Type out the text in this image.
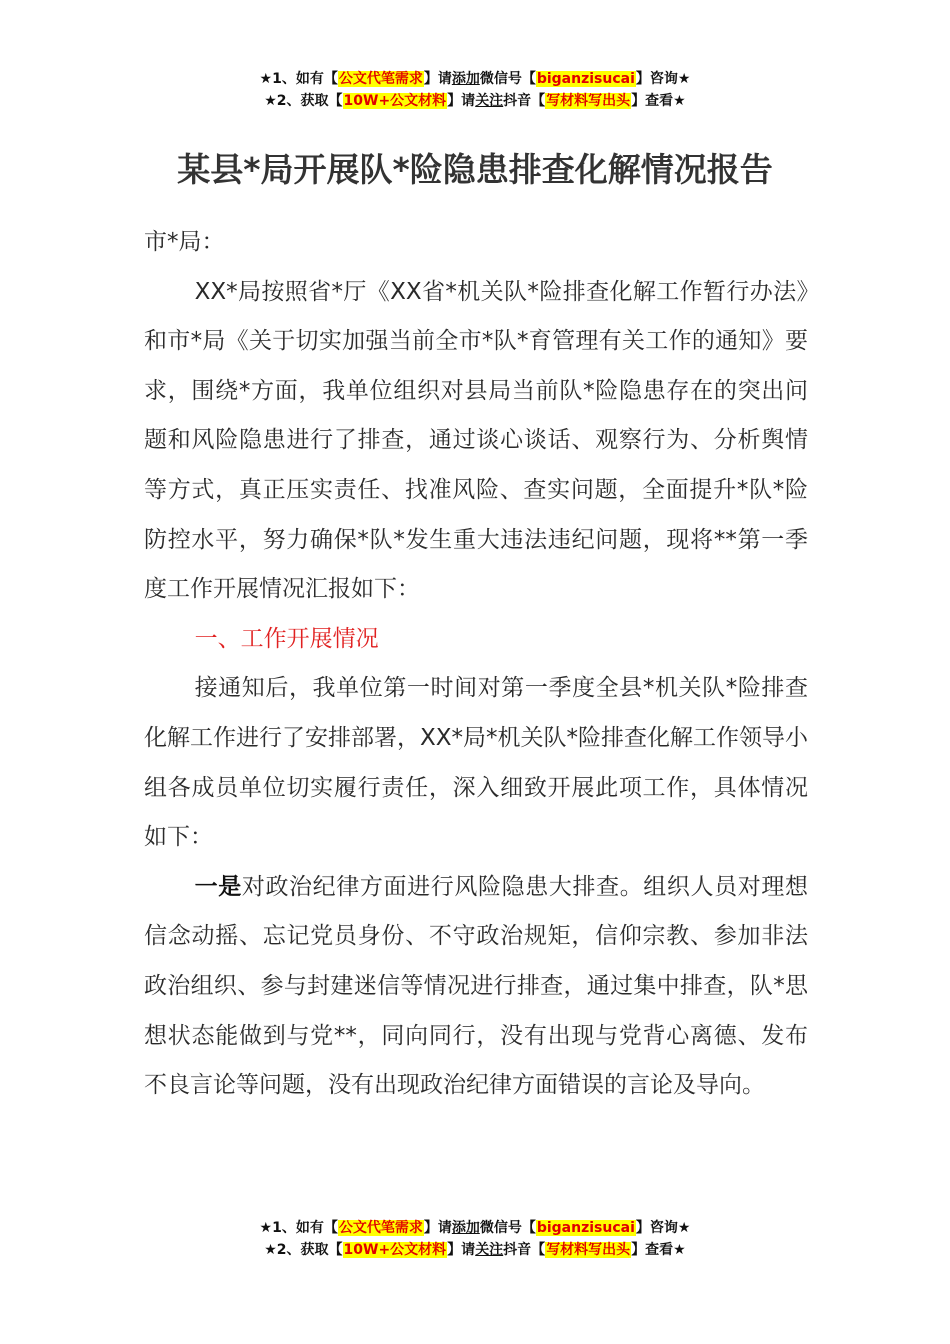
★1、如有【公文代笔需求】请添加微信号【biganzisucai】咨询★
★2、获取【10W+公文材料】请关注抖音【写材料写出头】查看★
某县*局开展队*险隐患排查化解情况报告

市*局：

XX*局按照省*厅《XX省*机关队*险排查化解工作暂行办法》和市*局《关于切实加强当前全市*队*育管理有关工作的通知》要求，围绕*方面，我单位组织对县局当前队*险隐患存在的突出问题和风险隐患进行了排查，通过谈心谈话、观察行为、分析舆情等方式，真正压实责任、找准风险、查实问题，全面提升*队*险防控水平，努力确保*队*发生重大违法违纪问题，现将**第一季度工作开展情况汇报如下：

一、工作开展情况

接通知后，我单位第一时间对第一季度全县*机关队*险排查化解工作进行了安排部署，XX*局*机关队*险排查化解工作领导小组各成员单位切实履行责任，深入细致开展此项工作，具体情况如下：

一是对政治纪律方面进行风险隐患大排查。组织人员对理想信念动摇、忘记党员身份、不守政治规矩，信仰宗教、参加非法政治组织、参与封建迷信等情况进行排查，通过集中排查，队*思想状态能做到与党**，同向同行，没有出现与党背心离德、发布不良言论等问题，没有出现政治纪律方面错误的言论及导向。

★1、如有【公文代笔需求】请添加微信号【biganzisucai】咨询★
★2、获取【10W+公文材料】请关注抖音【写材料写出头】查看★
